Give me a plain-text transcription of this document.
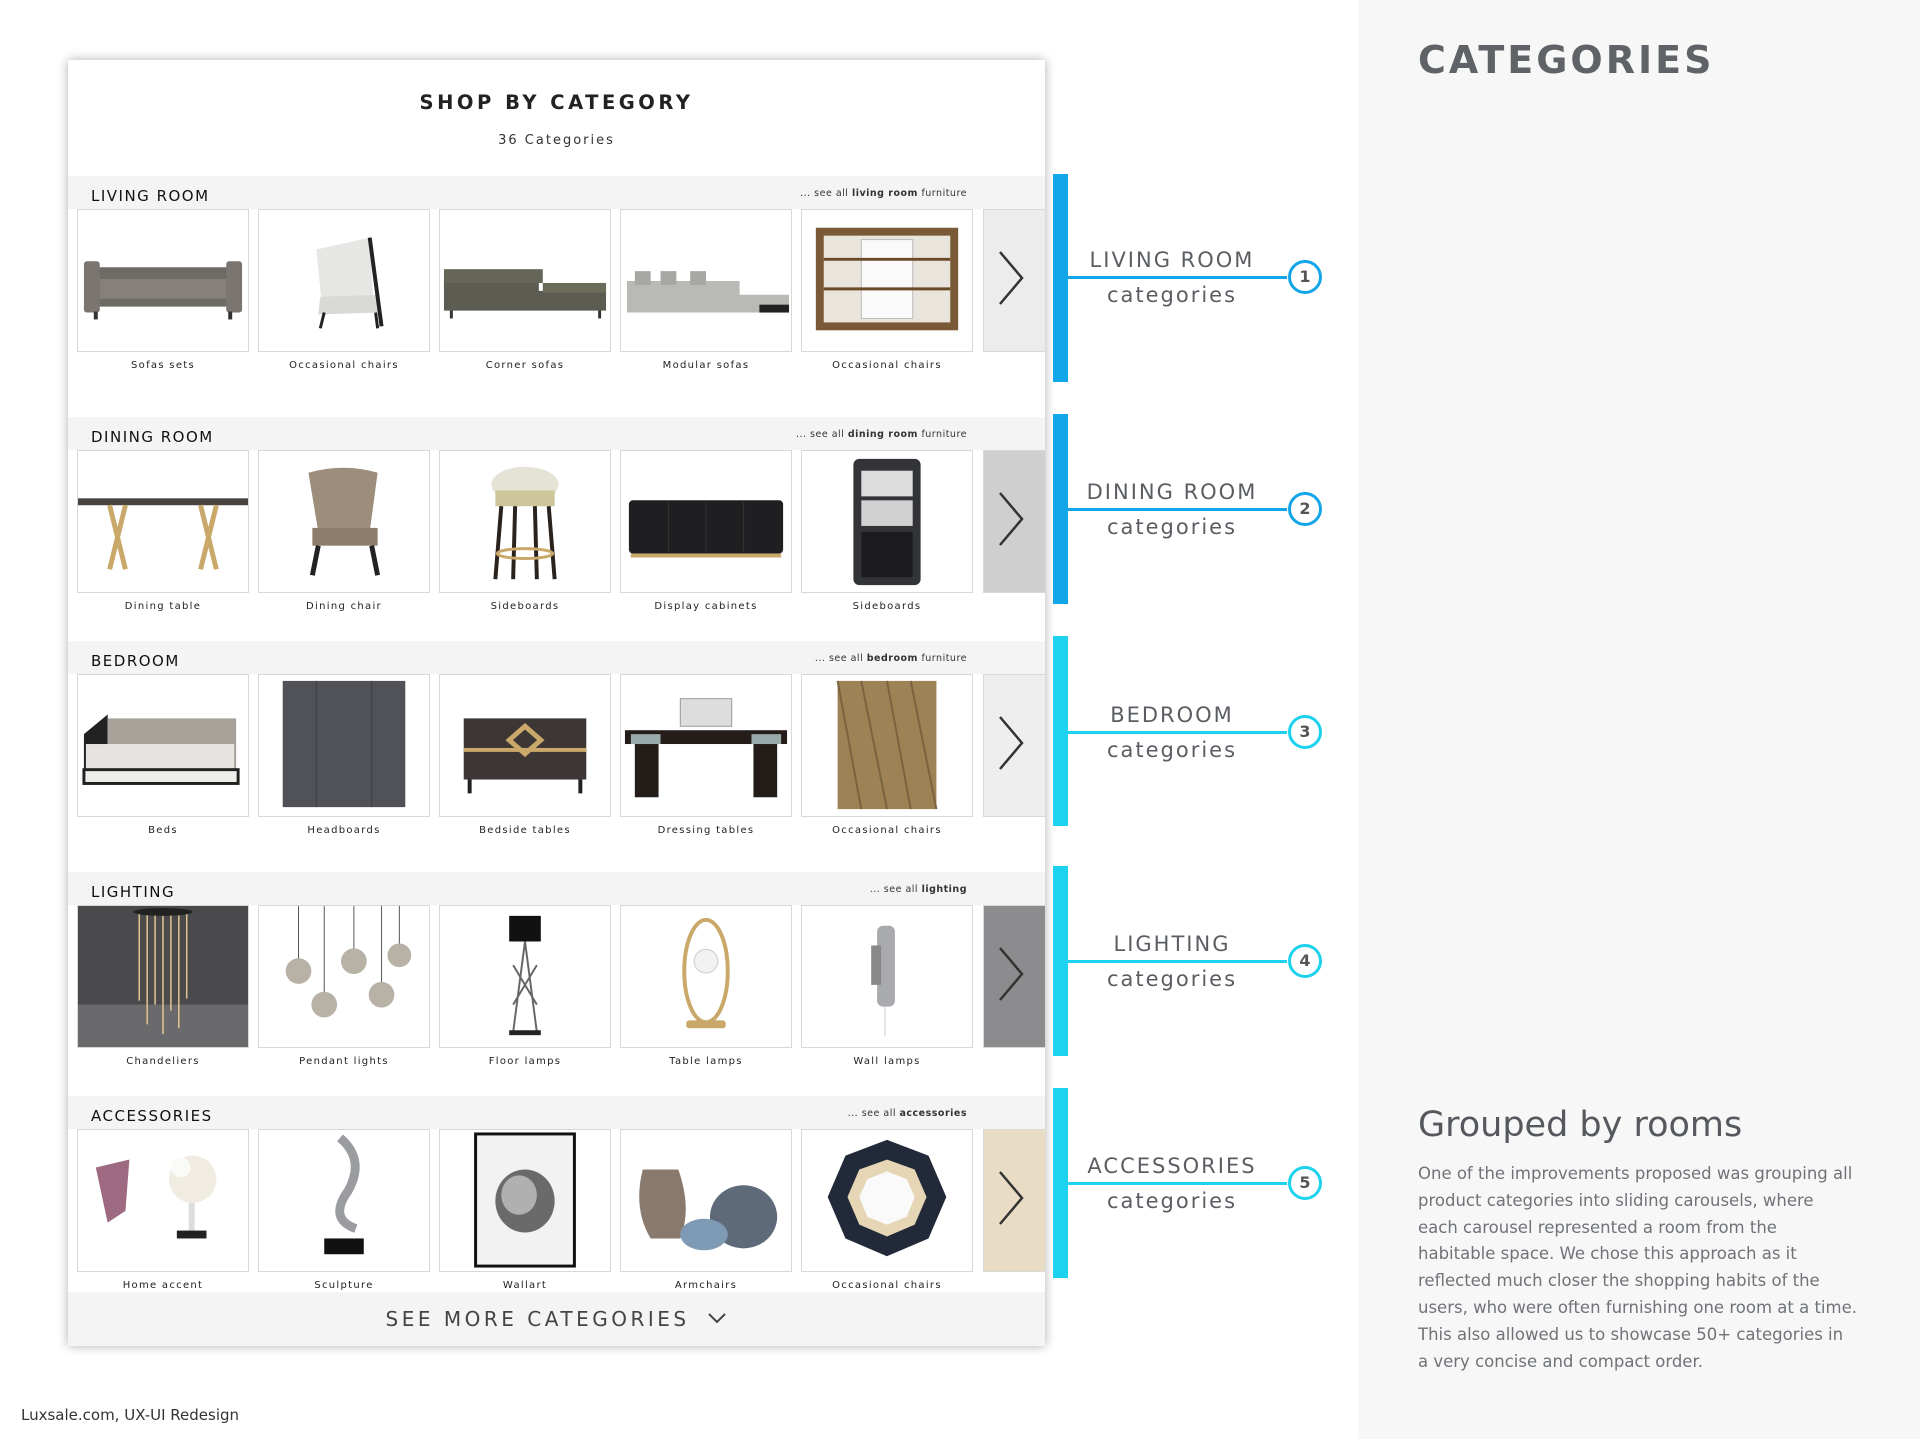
CATEGORIES
Grouped by rooms
One of the improvements proposed was grouping all product categories into sliding carousels, where each carousel represented a room from the habitable space. We chose this approach as it reflected much closer the shopping habits of the users, who were often furnishing one room at a time. This also allowed us to showcase 50+ categories in a very concise and compact order.
Luxsale.com, UX-UI Redesign
SHOP BY CATEGORY
36 Categories
LIVING ROOM	... see all living room furniture
Sofas sets	Occasional chairs	Corner sofas	Modular sofas	Occasional chairs
DINING ROOM	... see all dining room furniture
Dining table	Dining chair	Sideboards	Display cabinets	Sideboards
BEDROOM	... see all bedroom furniture
Beds	Headboards	Bedside tables	Dressing tables	Occasional chairs
LIGHTING	... see all lighting
Chandeliers	Pendant lights	Floor lamps	Table lamps	Wall lamps
ACCESSORIES	... see all accessories
Home accent	Sculpture	Wallart	Armchairs	Occasional chairs
SEE MORE CATEGORIES
1
LIVING ROOM
categories
2
DINING ROOM
categories
3
BEDROOM
categories
4
LIGHTING
categories
5
ACCESSORIES
categories
